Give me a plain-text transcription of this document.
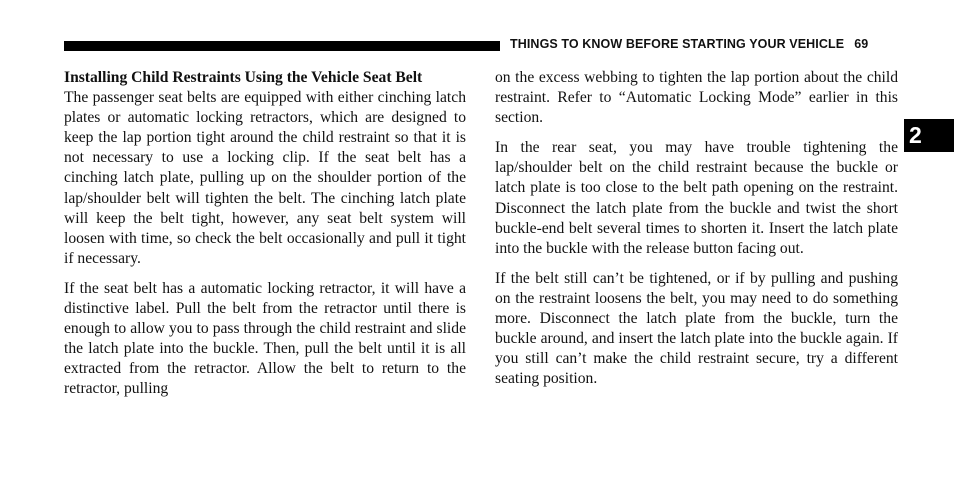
THINGS TO KNOW BEFORE STARTING YOUR VEHICLE 69
2
Installing Child Restraints Using the Vehicle Seat Belt

The passenger seat belts are equipped with either cinching latch plates or automatic locking retractors, which are designed to keep the lap portion tight around the child restraint so that it is not necessary to use a locking clip. If the seat belt has a cinching latch plate, pulling up on the shoulder portion of the lap/shoulder belt will tighten the belt. The cinching latch plate will keep the belt tight, however, any seat belt system will loosen with time, so check the belt occasionally and pull it tight if necessary.

If the seat belt has a automatic locking retractor, it will have a distinctive label. Pull the belt from the retractor until there is enough to allow you to pass through the child restraint and slide the latch plate into the buckle. Then, pull the belt until it is all extracted from the retractor. Allow the belt to return to the retractor, pulling

on the excess webbing to tighten the lap portion about the child restraint. Refer to “Automatic Locking Mode” earlier in this section.

In the rear seat, you may have trouble tightening the lap/shoulder belt on the child restraint because the buckle or latch plate is too close to the belt path opening on the restraint. Disconnect the latch plate from the buckle and twist the short buckle-end belt several times to shorten it. Insert the latch plate into the buckle with the release button facing out.

If the belt still can’t be tightened, or if by pulling and pushing on the restraint loosens the belt, you may need to do something more. Disconnect the latch plate from the buckle, turn the buckle around, and insert the latch plate into the buckle again. If you still can’t make the child restraint secure, try a different seating position.
